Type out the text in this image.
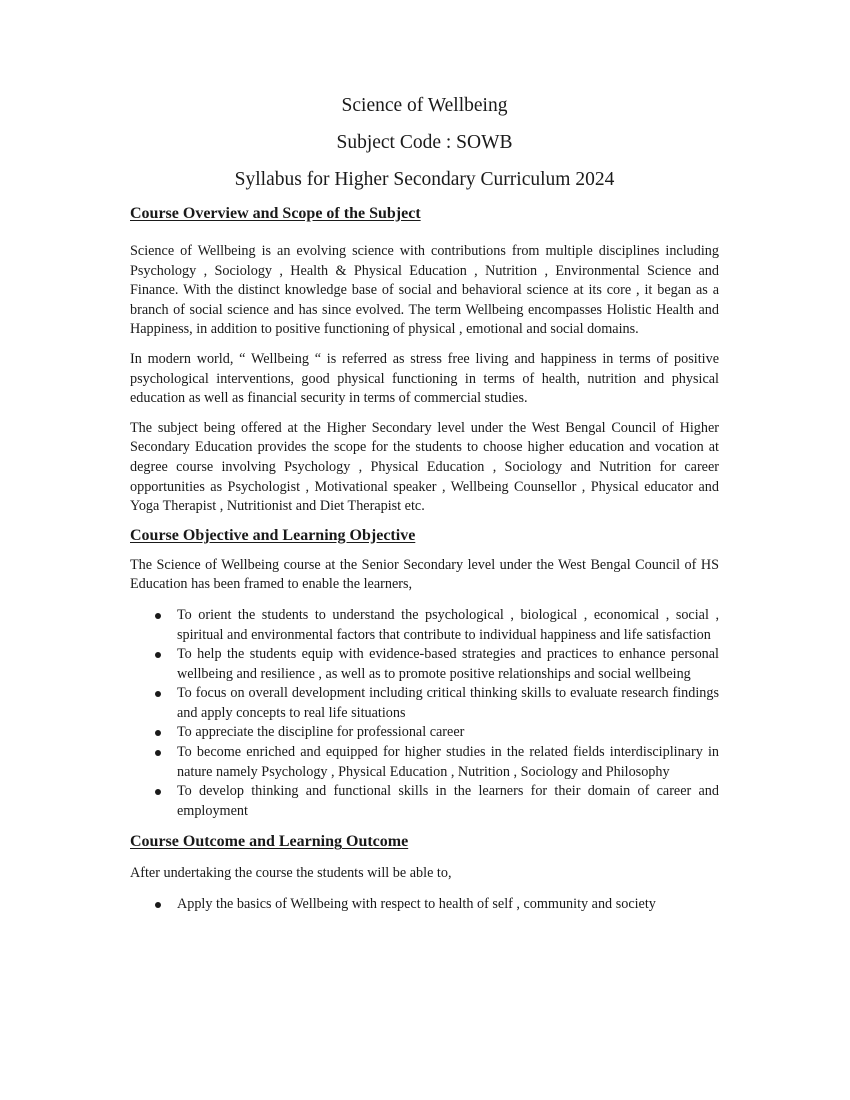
Science of Wellbeing
Subject Code : SOWB
Syllabus for Higher Secondary Curriculum 2024
Course Overview and Scope of the Subject

Science of Wellbeing is an evolving science with contributions from multiple disciplines including Psychology , Sociology , Health & Physical Education , Nutrition , Environmental Science and Finance. With the distinct knowledge base of social and behavioral science at its core , it began as a branch of social science and has since evolved. The term Wellbeing encompasses Holistic Health and Happiness, in addition to positive functioning of physical , emotional and social domains.

In modern world, “ Wellbeing “ is referred as stress free living and happiness in terms of positive psychological interventions, good physical functioning in terms of health, nutrition and physical education as well as financial security in terms of commercial studies.

The subject being offered at the Higher Secondary level under the West Bengal Council of Higher Secondary Education provides the scope for the students to choose higher education and vocation at degree course involving Psychology , Physical Education , Sociology and Nutrition for career opportunities as Psychologist , Motivational speaker , Wellbeing Counsellor , Physical educator and Yoga Therapist , Nutritionist and Diet Therapist etc.

Course Objective and Learning Objective

The Science of Wellbeing course at the Senior Secondary level under the West Bengal Council of HS Education has been framed to enable the learners,

To orient the students to understand the psychological , biological , economical , social , spiritual and environmental factors that contribute to individual happiness and life satisfaction
To help the students equip with evidence-based strategies and practices to enhance personal wellbeing and resilience , as well as to promote positive relationships and social wellbeing
To focus on overall development including critical thinking skills to evaluate research findings and apply concepts to real life situations
To appreciate the discipline for professional career
To become enriched and equipped for higher studies in the related fields interdisciplinary in nature namely Psychology , Physical Education , Nutrition , Sociology and Philosophy
To develop thinking and functional skills in the learners for their domain of career and employment
Course Outcome and Learning Outcome

After undertaking the course the students will be able to,

Apply the basics of Wellbeing with respect to health of self , community and society
